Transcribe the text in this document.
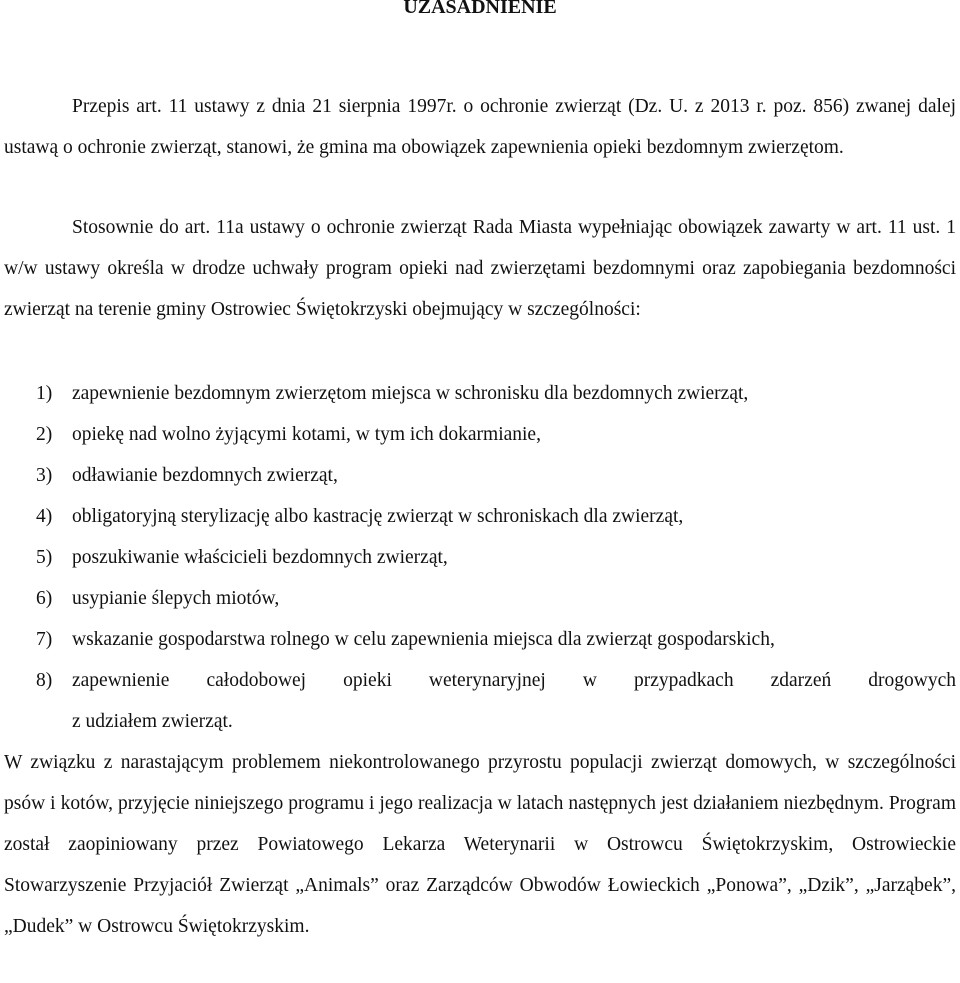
UZASADNIENIE

Przepis art. 11 ustawy z dnia 21 sierpnia 1997r. o ochronie zwierząt (Dz. U. z 2013 r. poz. 856) zwanej dalej ustawą o ochronie zwierząt, stanowi, że gmina ma obowiązek zapewnienia opieki bezdomnym zwierzętom.

Stosownie do art. 11a ustawy o ochronie zwierząt Rada Miasta wypełniając obowiązek zawarty w art. 11 ust. 1 w/w ustawy określa w drodze uchwały program opieki nad zwierzętami bezdomnymi oraz zapobiegania bezdomności zwierząt na terenie gminy Ostrowiec Świętokrzyski obejmujący w szczególności:

1) zapewnienie bezdomnym zwierzętom miejsca w schronisku dla bezdomnych zwierząt,
2) opiekę nad wolno żyjącymi kotami, w tym ich dokarmianie,
3) odławianie bezdomnych zwierząt,
4) obligatoryjną sterylizację albo kastrację zwierząt w schroniskach dla zwierząt,
5) poszukiwanie właścicieli bezdomnych zwierząt,
6) usypianie ślepych miotów,
7) wskazanie gospodarstwa rolnego w celu zapewnienia miejsca dla zwierząt gospodarskich,
8) zapewnienie całodobowej opieki weterynaryjnej w przypadkach zdarzeń drogowych
z udziałem zwierząt.

W związku z narastającym problemem niekontrolowanego przyrostu populacji zwierząt domowych, w szczególności psów i kotów, przyjęcie niniejszego programu i jego realizacja w latach następnych jest działaniem niezbędnym. Program został zaopiniowany przez Powiatowego Lekarza Weterynarii w Ostrowcu Świętokrzyskim, Ostrowieckie Stowarzyszenie Przyjaciół Zwierząt „Animals” oraz Zarządców Obwodów Łowieckich „Ponowa”, „Dzik”, „Jarząbek”, „Dudek” w Ostrowcu Świętokrzyskim.
